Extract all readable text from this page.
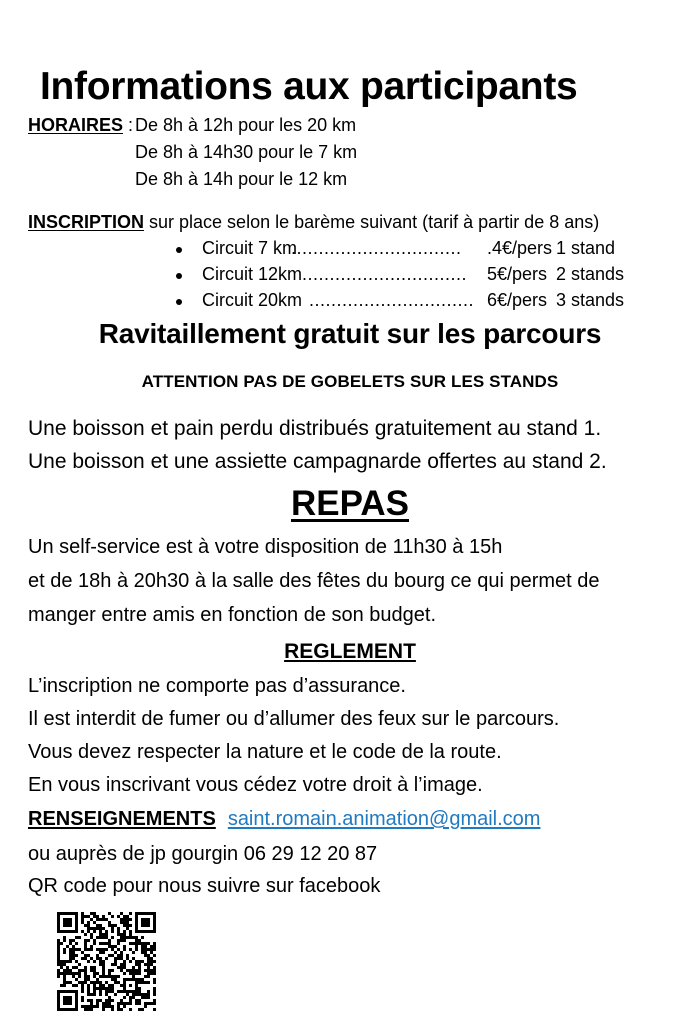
Informations aux participants
HORAIRES : De 8h à 12h pour les 20 km
De 8h à 14h30 pour le 7 km
De 8h à 14h pour le 12 km
INSCRIPTION sur place selon le barème suivant (tarif à partir de 8 ans)
Circuit 7 km
...............................	.4€/pers 1 stand
Circuit 12km ..............................	5€/pers 2 stands
Circuit 20km .............................. 6€/pers 3 stands
Ravitaillement gratuit sur les parcours
ATTENTION PAS DE GOBELETS SUR LES STANDS
Une boisson et pain perdu distribués gratuitement au stand 1.
Une boisson et une assiette campagnarde offertes au stand 2.
REPAS
Un self-service est à votre disposition de 11h30 à 15h
et de 18h à 20h30 à la salle des fêtes du bourg ce qui permet de
manger entre amis en fonction de son budget.
REGLEMENT
L’inscription ne comporte pas d’assurance.
Il est interdit de fumer ou d’allumer des feux sur le parcours.
Vous devez respecter la nature et le code de la route.
En vous inscrivant vous cédez votre droit à l’image.
RENSEIGNEMENTS saint.romain.animation@gmail.com
ou auprès de jp gourgin 06 29 12 20 87
QR code pour nous suivre sur facebook
